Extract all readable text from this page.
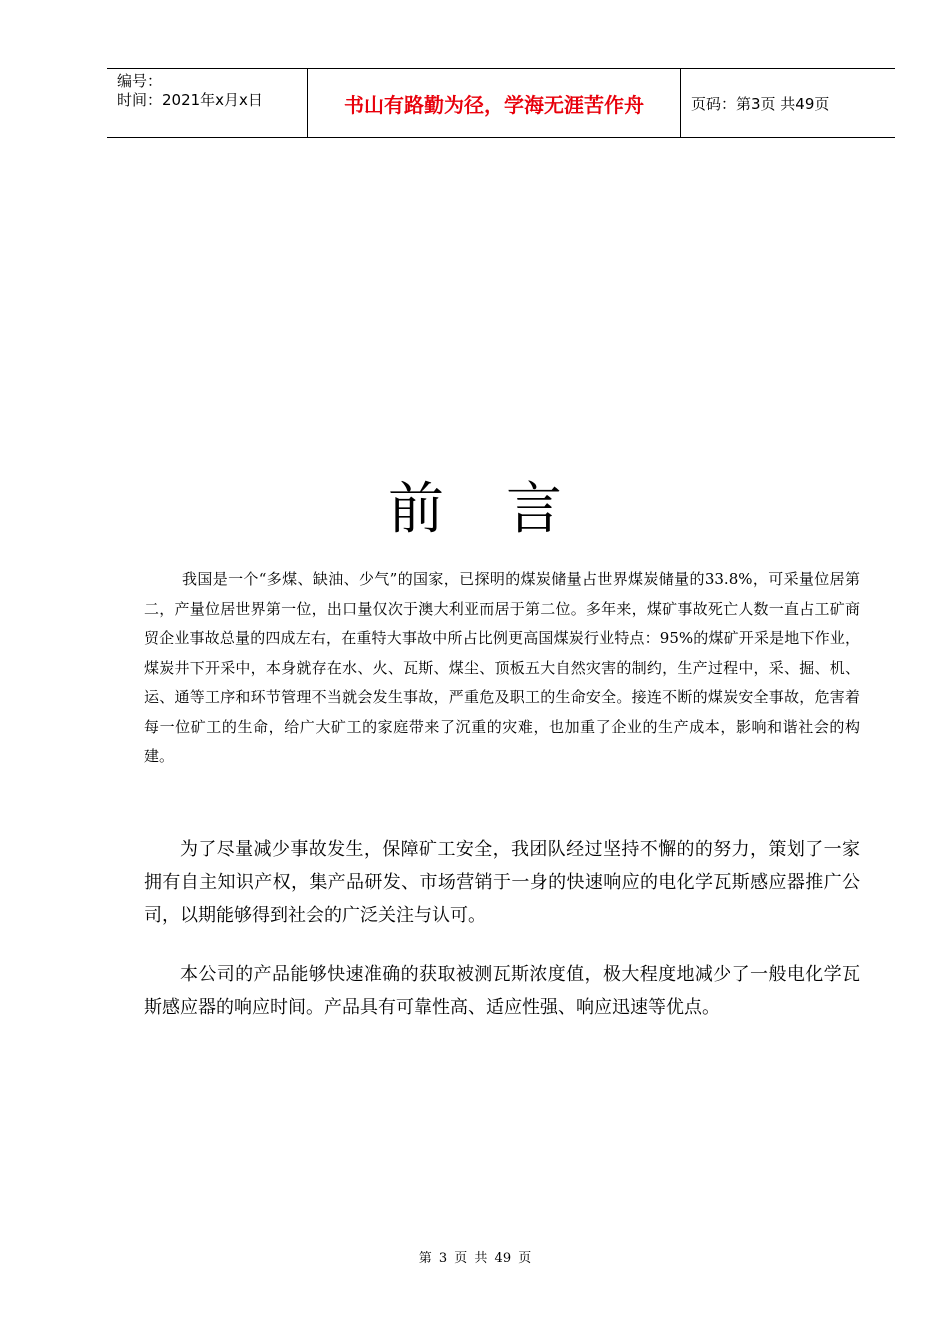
编号：
时间：2021年x月x日	书山有路勤为径，学海无涯苦作舟	页码：第3页 共49页
前言

我国是一个“多煤、缺油、少气”的国家，已探明的煤炭储量占世界煤炭储量的33.8%，可采量位居第二，产量位居世界第一位，出口量仅次于澳大利亚而居于第二位。多年来，煤矿事故死亡人数一直占工矿商贸企业事故总量的四成左右，在重特大事故中所占比例更高国煤炭行业特点：95%的煤矿开采是地下作业，煤炭井下开采中，本身就存在水、火、瓦斯、煤尘、顶板五大自然灾害的制约，生产过程中，采、掘、机、运、通等工序和环节管理不当就会发生事故，严重危及职工的生命安全。接连不断的煤炭安全事故，危害着每一位矿工的生命，给广大矿工的家庭带来了沉重的灾难，也加重了企业的生产成本，影响和谐社会的构建。

为了尽量减少事故发生，保障矿工安全，我团队经过坚持不懈的的努力，策划了一家拥有自主知识产权，集产品研发、市场营销于一身的快速响应的电化学瓦斯感应器推广公司，以期能够得到社会的广泛关注与认可。

本公司的产品能够快速准确的获取被测瓦斯浓度值，极大程度地减少了一般电化学瓦斯感应器的响应时间。产品具有可靠性高、适应性强、响应迅速等优点。

第 3 页 共 49 页
